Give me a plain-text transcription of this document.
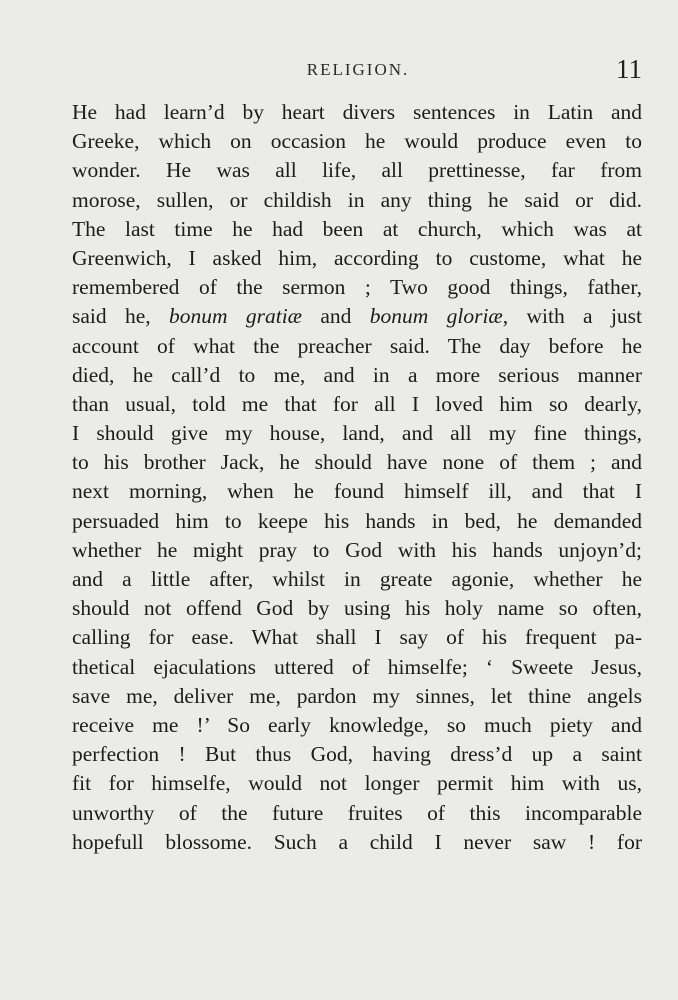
RELIGION.	11
He had learn’d by heart divers sentences in Latin and
Greeke, which on occasion he would produce even to
wonder. He was all life, all prettinesse, far from
morose, sullen, or childish in any thing he said or did.
The last time he had been at church, which was at
Greenwich, I asked him, according to custome, what he
remembered of the sermon ; Two good things, father,
said he, bonum gratiæ and bonum gloriæ, with a just
account of what the preacher said. The day before he
died, he call’d to me, and in a more serious manner
than usual, told me that for all I loved him so dearly,
I should give my house, land, and all my fine things,
to his brother Jack, he should have none of them ; and
next morning, when he found himself ill, and that I
persuaded him to keepe his hands in bed, he demanded
whether he might pray to God with his hands unjoyn’d;
and a little after, whilst in greate agonie, whether he
should not offend God by using his holy name so often,
calling for ease. What shall I say of his frequent pa-
thetical ejaculations uttered of himselfe; ‘ Sweete Jesus,
save me, deliver me, pardon my sinnes, let thine angels
receive me !’ So early knowledge, so much piety and
perfection ! But thus God, having dress’d up a saint
fit for himselfe, would not longer permit him with us,
unworthy of the future fruites of this incomparable
hopefull blossome. Such a child I never saw ! for
